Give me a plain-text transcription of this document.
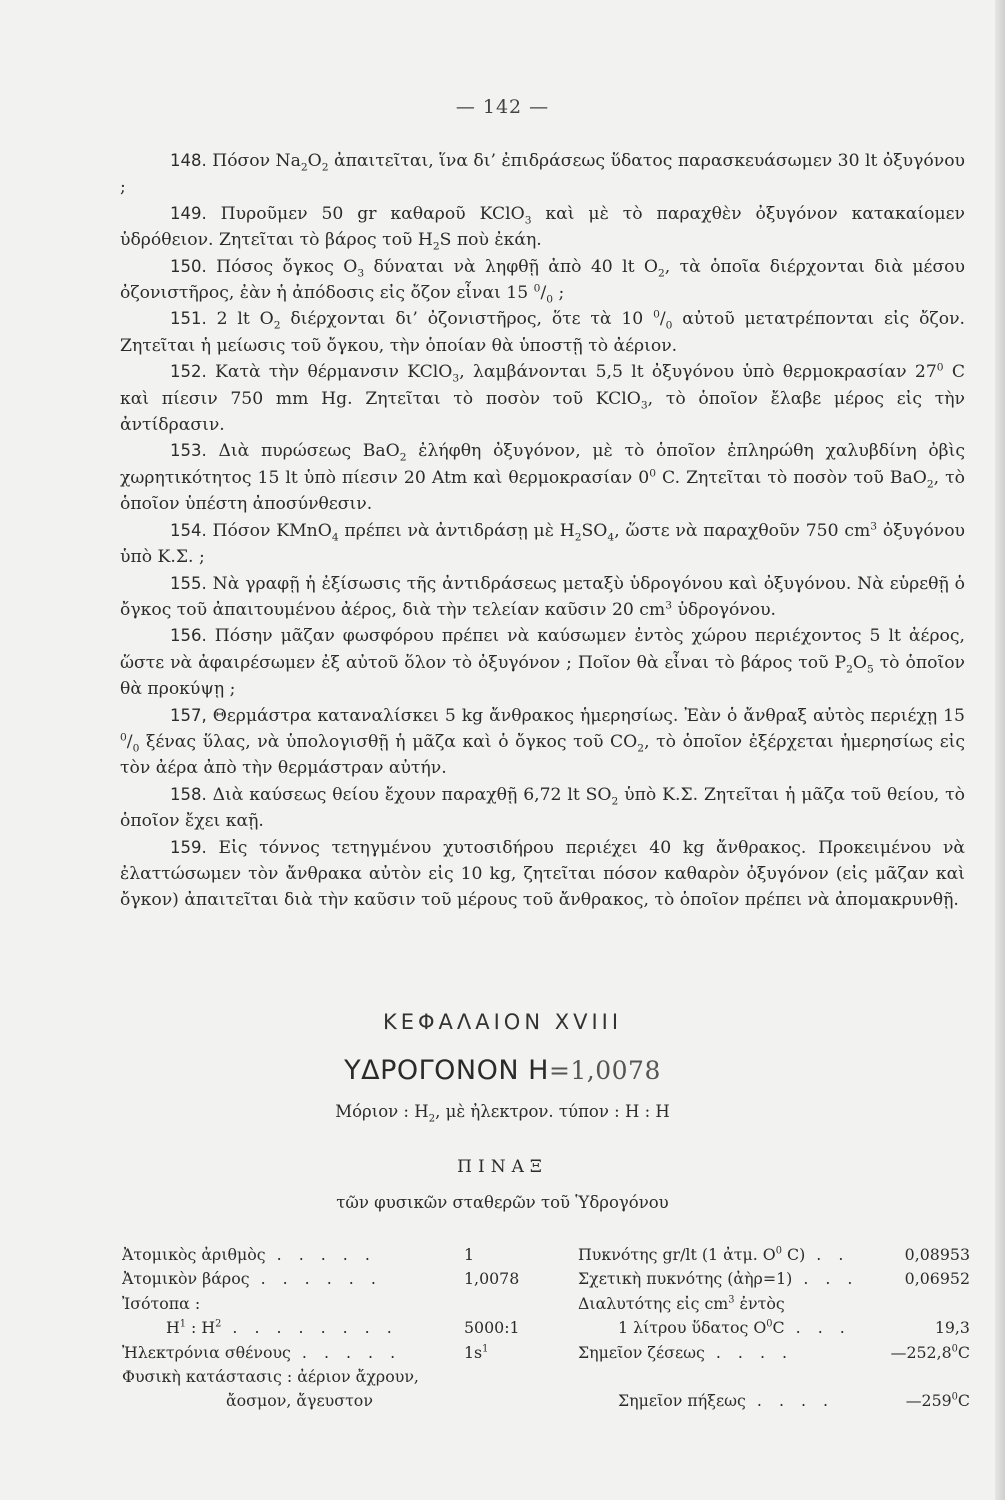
— 142 —

148. Πόσον $Na_2O_2$ ἀπαιτεῖται, ἵνα δι’ ἐπιδράσεως ὕδατος παρασκευάσωμεν 30 lt ὀξυγόνου ;

149. Πυροῦμεν 50 gr καθαροῦ KClO$_3$ καὶ μὲ τὸ παραχθὲν ὀξυγόνον κατακαίομεν ὑδρόθειον. Ζητεῖται τὸ βάρος τοῦ $H_2S$ ποὺ ἐκάη.

150. Πόσος ὄγκος $O_3$ δύναται νὰ ληφθῇ ἀπὸ 40 lt $O_2$, τὰ ὁποῖα διέρχονται διὰ μέσου ὀζονιστῆρος, ἐὰν ἡ ἀπόδοσις εἰς ὄζον εἶναι 15 $^0/_0$ ;

151. 2 lt $O_2$ διέρχονται δι’ ὀζονιστῆρος, ὅτε τὰ 10 $^0/_0$ αὐτοῦ μετατρέπονται εἰς ὄζον. Ζητεῖται ἡ μείωσις τοῦ ὄγκου, τὴν ὁποίαν θὰ ὑποστῇ τὸ ἀέριον.

152. Κατὰ τὴν θέρμανσιν KClO$_3$, λαμβάνονται 5,5 lt ὀξυγόνου ὑπὸ θερμοκρασίαν $27^0$ C καὶ πίεσιν 750 mm Hg. Ζητεῖται τὸ ποσὸν τοῦ KClO$_3$, τὸ ὁποῖον ἔλαβε μέρος εἰς τὴν ἀντίδρασιν.

153. Διὰ πυρώσεως BaO$_2$ ἐλήφθη ὀξυγόνον, μὲ τὸ ὁποῖον ἐπληρώθη χαλυβδίνη ὀβὶς χωρητικότητος 15 lt ὑπὸ πίεσιν 20 Atm καὶ θερμοκρασίαν $0^0$ C. Ζητεῖται τὸ ποσὸν τοῦ BaO$_2$, τὸ ὁποῖον ὑπέστη ἀποσύνθεσιν.

154. Πόσον KMnO$_4$ πρέπει νὰ ἀντιδράσῃ μὲ $H_2SO_4$, ὥστε νὰ παραχθοῦν 750 $cm^3$ ὀξυγόνου ὑπὸ Κ.Σ. ;

155. Νὰ γραφῇ ἡ ἐξίσωσις τῆς ἀντιδράσεως μεταξὺ ὑδρογόνου καὶ ὀξυγόνου. Νὰ εὑρεθῇ ὁ ὄγκος τοῦ ἀπαιτουμένου ἀέρος, διὰ τὴν τελείαν καῦσιν 20 $cm^3$ ὑδρογόνου.

156. Πόσην μᾶζαν φωσφόρου πρέπει νὰ καύσωμεν ἐντὸς χώρου περιέχοντος 5 lt ἀέρος, ὥστε νὰ ἀφαιρέσωμεν ἐξ αὐτοῦ ὅλον τὸ ὀξυγόνον ; Ποῖον θὰ εἶναι τὸ βάρος τοῦ $P_2O_5$ τὸ ὁποῖον θὰ προκύψῃ ;

157, Θερμάστρα καταναλίσκει 5 kg ἄνθρακος ἡμερησίως. Ἐὰν ὁ ἄνθραξ αὐτὸς περιέχῃ 15 $^0/_0$ ξένας ὕλας, νὰ ὑπολογισθῇ ἡ μᾶζα καὶ ὁ ὄγκος τοῦ $CO_2$, τὸ ὁποῖον ἐξέρχεται ἡμερησίως εἰς τὸν ἀέρα ἀπὸ τὴν θερμάστραν αὐτήν.

158. Διὰ καύσεως θείου ἔχουν παραχθῇ 6,72 lt $SO_2$ ὑπὸ Κ.Σ. Ζητεῖται ἡ μᾶζα τοῦ θείου, τὸ ὁποῖον ἔχει καῇ.

159. Εἰς τόννος τετηγμένου χυτοσιδήρου περιέχει 40 kg ἄνθρακος. Προκειμένου νὰ ἐλαττώσωμεν τὸν ἄνθρακα αὐτὸν εἰς 10 kg, ζητεῖται πόσον καθαρὸν ὀξυγόνον (εἰς μᾶζαν καὶ ὄγκον) ἀπαιτεῖται διὰ τὴν καῦσιν τοῦ μέρους τοῦ ἄνθρακος, τὸ ὁποῖον πρέπει νὰ ἀπομακρυνθῇ.

ΚΕΦΑΛΑΙΟΝ XVIII
ΥΔΡΟΓΟΝΟΝ H=1,0078
Μόριον : $H_2$, μὲ ἠλεκτρον. τύπον : H : H
ΠΙΝΑΞ
τῶν φυσικῶν σταθερῶν τοῦ Ὑδρογόνου
Ἀτομικὸς ἀριθμὸς . . . . .	1
Ἀτομικὸν βάρος . . . . . .	1,0078
Ἰσότοπα :
$H^1$ : $H^2$ . . . . . . . .	5000:1
Ἠλεκτρόνια σθένους . . . . .	$1s^1$
Φυσικὴ κατάστασις : ἀέριον ἄχρουν,
ἄοσμον, ἄγευστον
Πυκνότης gr/lt (1 ἀτμ. $O^0$ C) . .	0,08953
Σχετικὴ πυκνότης (ἀὴρ=1) . . .	0,06952
Διαλυτότης εἰς $cm^3$ ἐντὸς
1 λίτρου ὕδατος $O^0C$ . . .	19,3
Σημεῖον ζέσεως . . . .	—252,8$^0$C
Σημεῖον πήξεως . . . .	$—259^0C$
